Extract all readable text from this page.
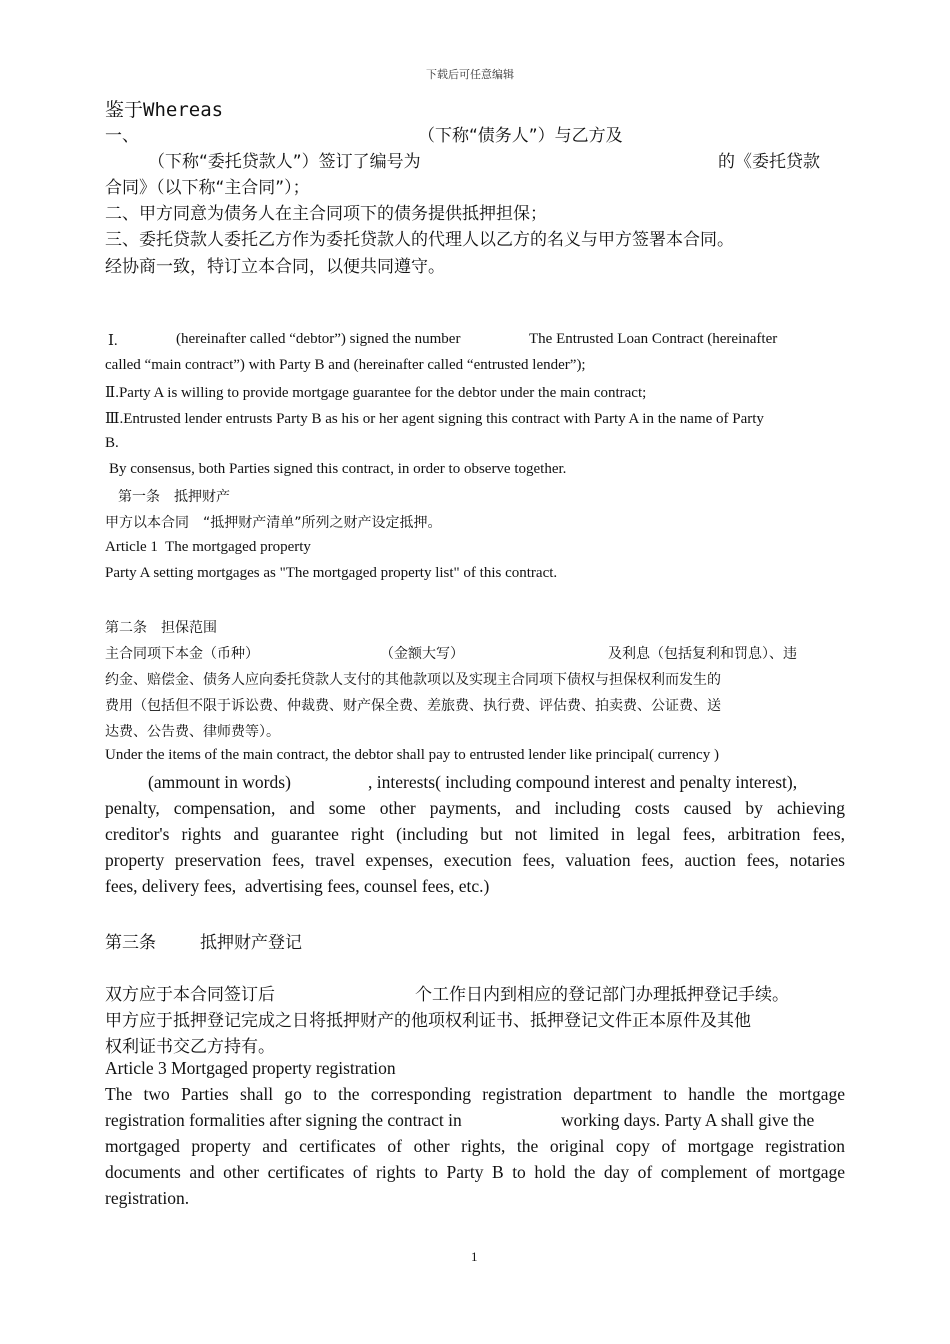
下载后可任意编辑
鉴于Whereas
一、	（下称“债务人”）与乙方及
（下称“委托贷款人”）签订了编号为	的《委托贷款
合同》（以下称“主合同”）；
二、甲方同意为债务人在主合同项下的债务提供抵押担保；
三、委托贷款人委托乙方作为委托贷款人的代理人以乙方的名义与甲方签署本合同。
经协商一致，特订立本合同，以便共同遵守。
Ⅰ.	(hereinafter called “debtor”) signed the number	The Entrusted Loan Contract (hereinafter
called “main contract”) with Party B and (hereinafter called “entrusted lender”);
Ⅱ.Party A is willing to provide mortgage guarantee for the debtor under the main contract;
Ⅲ.Entrusted lender entrusts Party B as his or her agent signing this contract with Party A in the name of Party
B.
By consensus, both Parties signed this contract, in order to observe together.
第一条　抵押财产
甲方以本合同　“抵押财产清单”所列之财产设定抵押。
Article 1  The mortgaged property
Party A setting mortgages as "The mortgaged property list" of this contract.
第二条　担保范围
主合同项下本金（币种）	（金额大写）	及利息（包括复利和罚息）、违
约金、赔偿金、债务人应向委托贷款人支付的其他款项以及实现主合同项下债权与担保权利而发生的
费用（包括但不限于诉讼费、仲裁费、财产保全费、差旅费、执行费、评估费、拍卖费、公证费、送
达费、公告费、律师费等）。
Under the items of the main contract, the debtor shall pay to entrusted lender like principal( currency )
(ammount in words)	, interests( including compound interest and penalty interest),
penalty, compensation, and some other payments, and including costs caused by achieving
creditor's rights and guarantee right (including but not limited in legal fees, arbitration fees,
property preservation fees, travel expenses, execution fees, valuation fees, auction fees, notaries
fees, delivery fees,  advertising fees, counsel fees, etc.)
第三条	抵押财产登记
双方应于本合同签订后	个工作日内到相应的登记部门办理抵押登记手续。
甲方应于抵押登记完成之日将抵押财产的他项权利证书、抵押登记文件正本原件及其他
权利证书交乙方持有。
Article 3 Mortgaged property registration
The two Parties shall go to the corresponding registration department to handle the mortgage
registration formalities after signing the contract in	working days. Party A shall give the
mortgaged property and certificates of other rights, the original copy of mortgage registration
documents and other certificates of rights to Party B to hold the day of complement of mortgage
registration.
1
